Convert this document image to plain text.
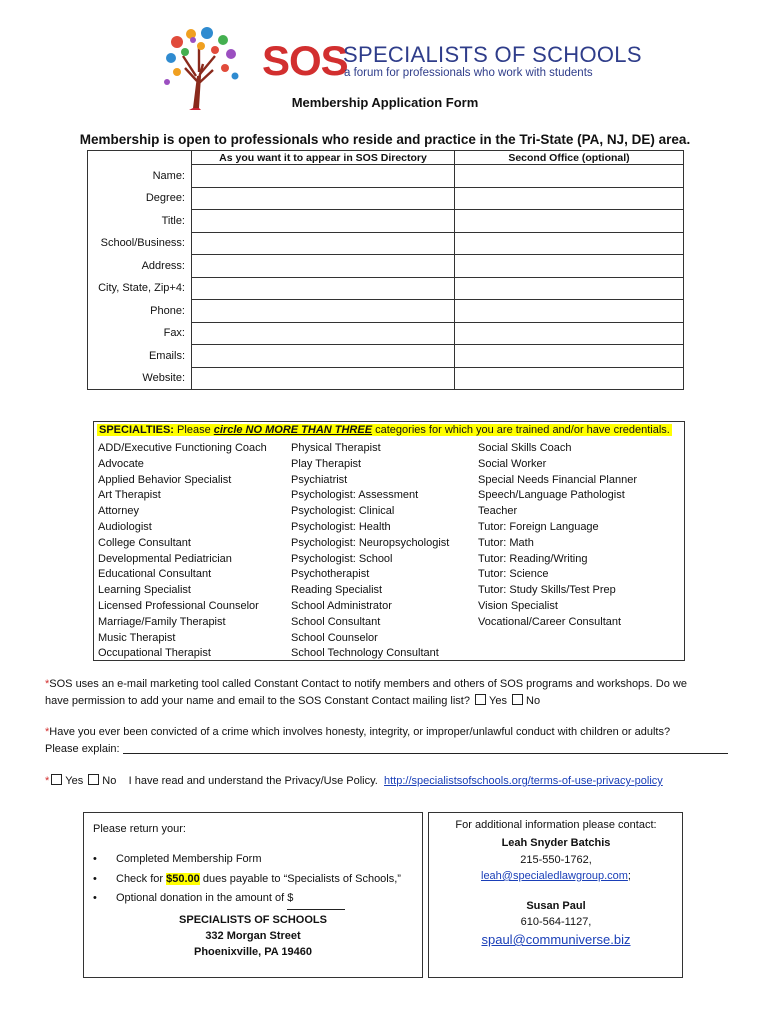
SOS
SPECIALISTS OF SCHOOLS
a forum for professionals who work with students
Membership Application Form
Membership is open to professionals who reside and practice in the Tri-State (PA, NJ, DE) area.
	As you want it to appear in SOS Directory	Second Office (optional)
Name:		
Degree:		
Title:		
School/Business:		
Address:		
City, State, Zip+4:		
Phone:		
Fax:		
Emails:		
Website:		
SPECIALTIES: Please circle NO MORE THAN THREE categories for which you are trained and/or have credentials.
ADD/Executive Functioning Coach
Advocate
Applied Behavior Specialist
Art Therapist
Attorney
Audiologist
College Consultant
Developmental Pediatrician
Educational Consultant
Learning Specialist
Licensed Professional Counselor
Marriage/Family Therapist
Music Therapist
Occupational Therapist
Physical Therapist
Play Therapist
Psychiatrist
Psychologist: Assessment
Psychologist: Clinical
Psychologist: Health
Psychologist: Neuropsychologist
Psychologist: School
Psychotherapist
Reading Specialist
School Administrator
School Consultant
School Counselor
School Technology Consultant
Social Skills Coach
Social Worker
Special Needs Financial Planner
Speech/Language Pathologist
Teacher
Tutor: Foreign Language
Tutor: Math
Tutor: Reading/Writing
Tutor: Science
Tutor: Study Skills/Test Prep
Vision Specialist
Vocational/Career Consultant
*SOS uses an e-mail marketing tool called Constant Contact to notify members and others of SOS programs and workshops. Do we
have permission to add your name and email to the SOS Constant Contact mailing list? Yes No
*Have you ever been convicted of a crime which involves honesty, integrity, or improper/unlawful conduct with children or adults?
Please explain:
* Yes No I have read and understand the Privacy/Use Policy. http://specialistsofschools.org/terms-of-use-privacy-policy
Please return your:
• Completed Membership Form
• Check for $50.00 dues payable to “Specialists of Schools,”
• Optional donation in the amount of $
SPECIALISTS OF SCHOOLS
332 Morgan Street
Phoenixville, PA 19460
For additional information please contact:
Leah Snyder Batchis
215-550-1762,
leah@specialedlawgroup.com;
Susan Paul
610-564-1127,
spaul@communiverse.biz
